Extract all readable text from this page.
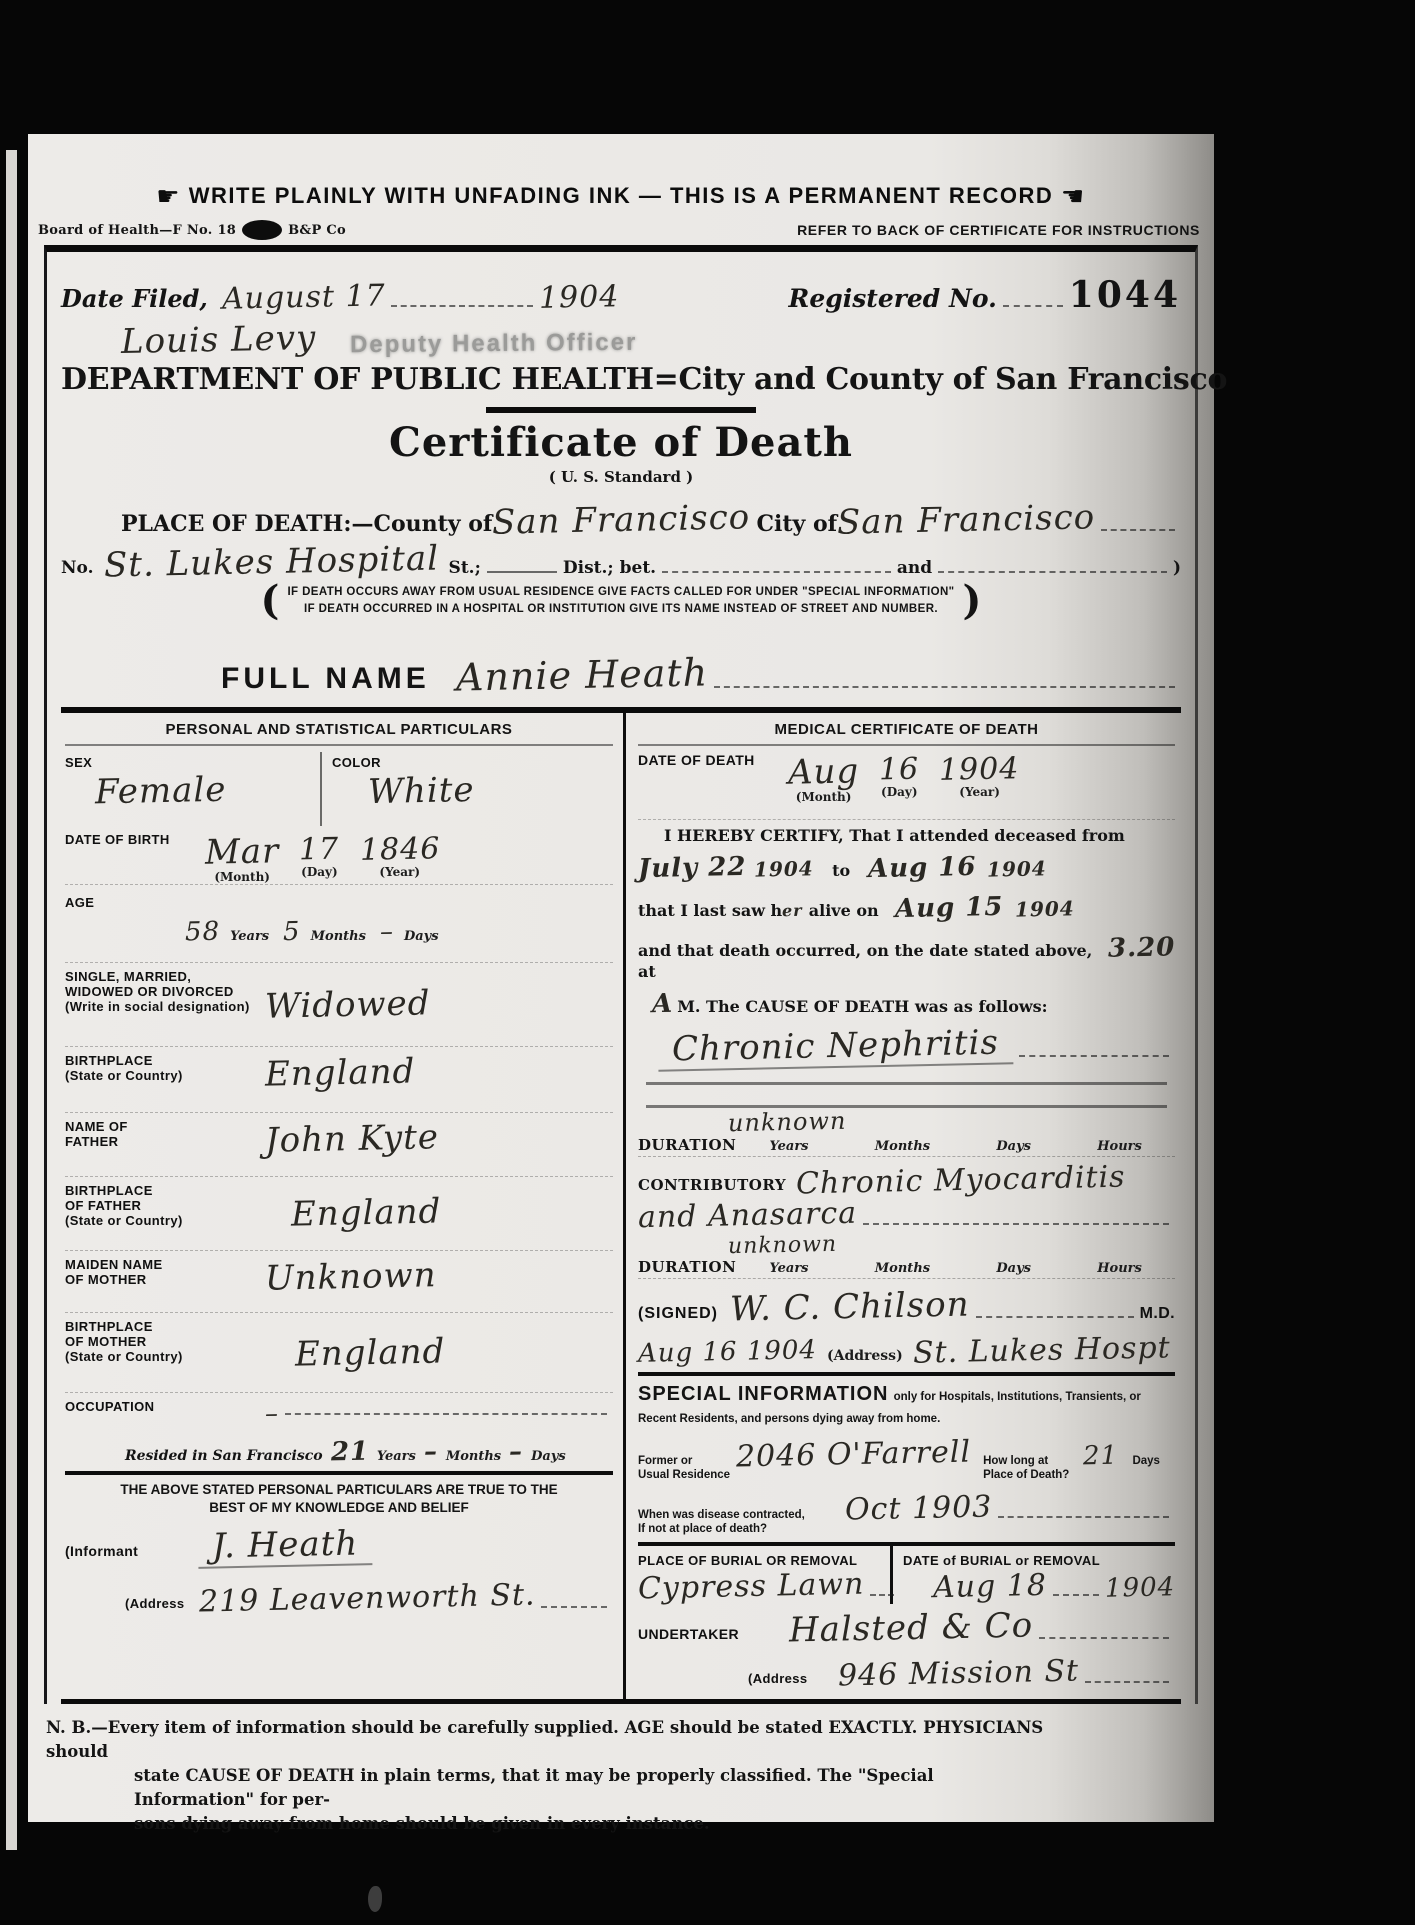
☛ WRITE PLAINLY WITH UNFADING INK — THIS IS A PERMANENT RECORD ☚
Board of Health—F No. 18	B&P Co	REFER TO BACK OF CERTIFICATE FOR INSTRUCTIONS
Date Filed, August 17	1904	Registered No. 1044
Louis Levy Deputy Health Officer
DEPARTMENT OF PUBLIC HEALTH=City and County of San Francisco
Certificate of Death
( U. S. Standard )
PLACE OF DEATH:— County of San Francisco City of San Francisco
No. St. Lukes Hospital St.;	Dist.; bet.	and	)
( IF DEATH OCCURS AWAY FROM USUAL RESIDENCE GIVE FACTS CALLED FOR UNDER "SPECIAL INFORMATION"
IF DEATH OCCURRED IN A HOSPITAL OR INSTITUTION GIVE ITS NAME INSTEAD OF STREET AND NUMBER. )
FULL NAME Annie Heath
PERSONAL AND STATISTICAL PARTICULARS
SEX
Female
COLOR
White
DATE OF BIRTH	Mar
(Month)
17
(Day)
1846
(Year)
AGE
58 Years 5 Months – Days
SINGLE, MARRIED,
WIDOWED OR DIVORCED
(Write in social designation) Widowed
BIRTHPLACE
(State or Country)	England
NAME OF
FATHER	John Kyte
BIRTHPLACE
OF FATHER
(State or Country)	England
MAIDEN NAME
OF MOTHER	Unknown
BIRTHPLACE
OF MOTHER
(State or Country)	England
OCCUPATION	–
Resided in San Francisco 21 Years – Months – Days
THE ABOVE STATED PERSONAL PARTICULARS ARE TRUE TO THE
BEST OF MY KNOWLEDGE AND BELIEF
(Informant	J. Heath
(Address 219 Leavenworth St.
MEDICAL CERTIFICATE OF DEATH
DATE OF DEATH Aug
(Month)
16
(Day)
1904
(Year)
I HEREBY CERTIFY, That I attended deceased from
July 22 1904 to Aug 16 1904
that I last saw h er alive on Aug 15 1904
and that death occurred, on the date stated above, at
3.20
A M. The CAUSE OF DEATH was as follows:
Chronic Nephritis
unknown
DURATION	Years	Months	Days	Hours
CONTRIBUTORY Chronic Myocarditis
and Anasarca
unknown
DURATION	Years	Months	Days	Hours
(SIGNED) W. C. Chilson	M.D.
Aug 16 1904 (Address) St. Lukes Hospt
SPECIAL INFORMATION only for Hospitals, Institutions, Transients, or Recent Residents, and persons dying away from home.
Former or
Usual Residence
2046 O'Farrell How long at
Place of Death?
21 Days
When was disease contracted,
If not at place of death?
Oct 1903
PLACE OF BURIAL OR REMOVAL
Cypress Lawn
DATE of BURIAL or REMOVAL
Aug 18 1904
UNDERTAKER Halsted & Co
(Address 946 Mission St
N. B.—Every item of information should be carefully supplied. AGE should be stated EXACTLY. PHYSICIANS should
state CAUSE OF DEATH in plain terms, that it may be properly classified. The "Special Information" for per-
sons dying away from home should be given in every instance.
